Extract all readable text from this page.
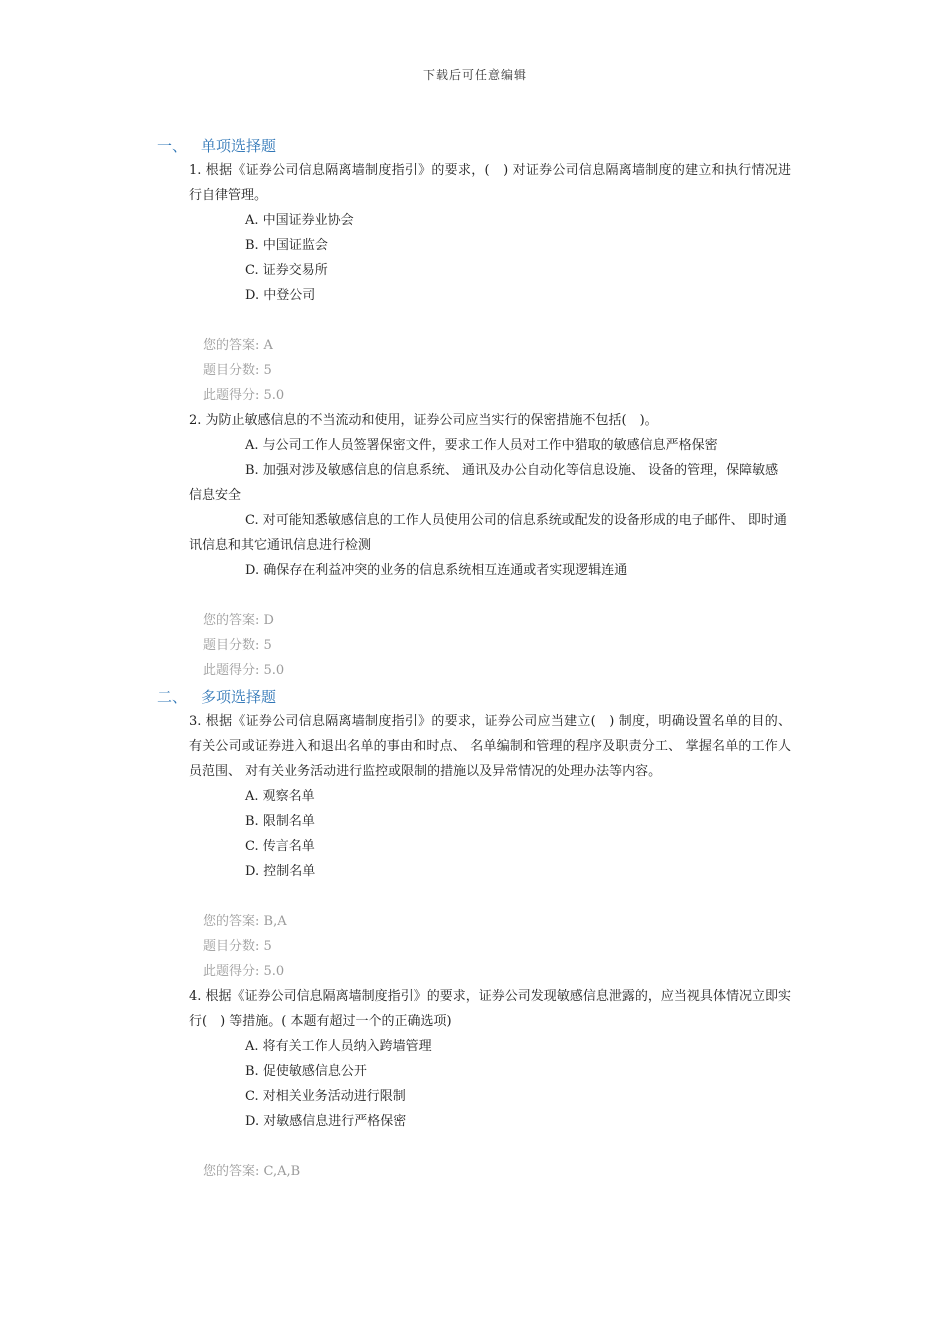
下载后可任意编辑
一、 单项选择题
1. 根据《证券公司信息隔离墙制度指引》的要求，(　) 对证券公司信息隔离墙制度的建立和执行情况进行自律管理。
A. 中国证券业协会
B. 中国证监会
C. 证券交易所
D. 中登公司
您的答案: A
题目分数: 5
此题得分: 5.0
2. 为防止敏感信息的不当流动和使用，证券公司应当实行的保密措施不包括(　)。
A. 与公司工作人员签署保密文件，要求工作人员对工作中猎取的敏感信息严格保密
B. 加强对涉及敏感信息的信息系统、 通讯及办公自动化等信息设施、 设备的管理，保障敏感信息安全
C. 对可能知悉敏感信息的工作人员使用公司的信息系统或配发的设备形成的电子邮件、 即时通讯信息和其它通讯信息进行检测
D. 确保存在利益冲突的业务的信息系统相互连通或者实现逻辑连通
您的答案: D
题目分数: 5
此题得分: 5.0
二、 多项选择题
3. 根据《证券公司信息隔离墙制度指引》的要求，证券公司应当建立(　) 制度，明确设置名单的目的、 有关公司或证券进入和退出名单的事由和时点、 名单编制和管理的程序及职责分工、 掌握名单的工作人员范围、 对有关业务活动进行监控或限制的措施以及异常情况的处理办法等内容。
A. 观察名单
B. 限制名单
C. 传言名单
D. 控制名单
您的答案: B,A
题目分数: 5
此题得分: 5.0
4. 根据《证券公司信息隔离墙制度指引》的要求，证券公司发现敏感信息泄露的，应当视具体情况立即实行(　) 等措施。( 本题有超过一个的正确选项)
A. 将有关工作人员纳入跨墙管理
B. 促使敏感信息公开
C. 对相关业务活动进行限制
D. 对敏感信息进行严格保密
您的答案: C,A,B
